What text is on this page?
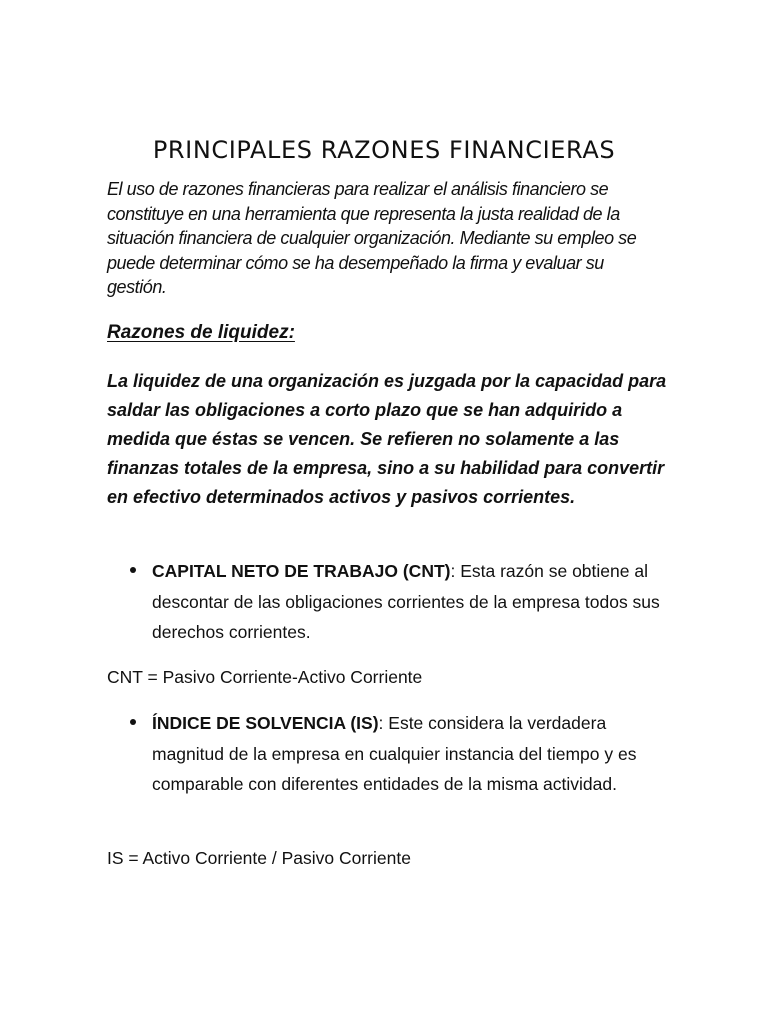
PRINCIPALES RAZONES FINANCIERAS

El uso de razones financieras para realizar el análisis financiero se constituye en una herramienta que representa la justa realidad de la situación financiera de cualquier organización. Mediante su empleo se puede determinar cómo se ha desempeñado la firma y evaluar su gestión.

Razones de liquidez:

La liquidez de una organización es juzgada por la capacidad para saldar las obligaciones a corto plazo que se han adquirido a medida que éstas se vencen. Se refieren no solamente a las finanzas totales de la empresa, sino a su habilidad para convertir en efectivo determinados activos y pasivos corrientes.

CAPITAL NETO DE TRABAJO (CNT): Esta razón se obtiene al descontar de las obligaciones corrientes de la empresa todos sus derechos corrientes.

CNT = Pasivo Corriente-Activo Corriente

ÍNDICE DE SOLVENCIA (IS): Este considera la verdadera magnitud de la empresa en cualquier instancia del tiempo y es comparable con diferentes entidades de la misma actividad.

IS = Activo Corriente / Pasivo Corriente
